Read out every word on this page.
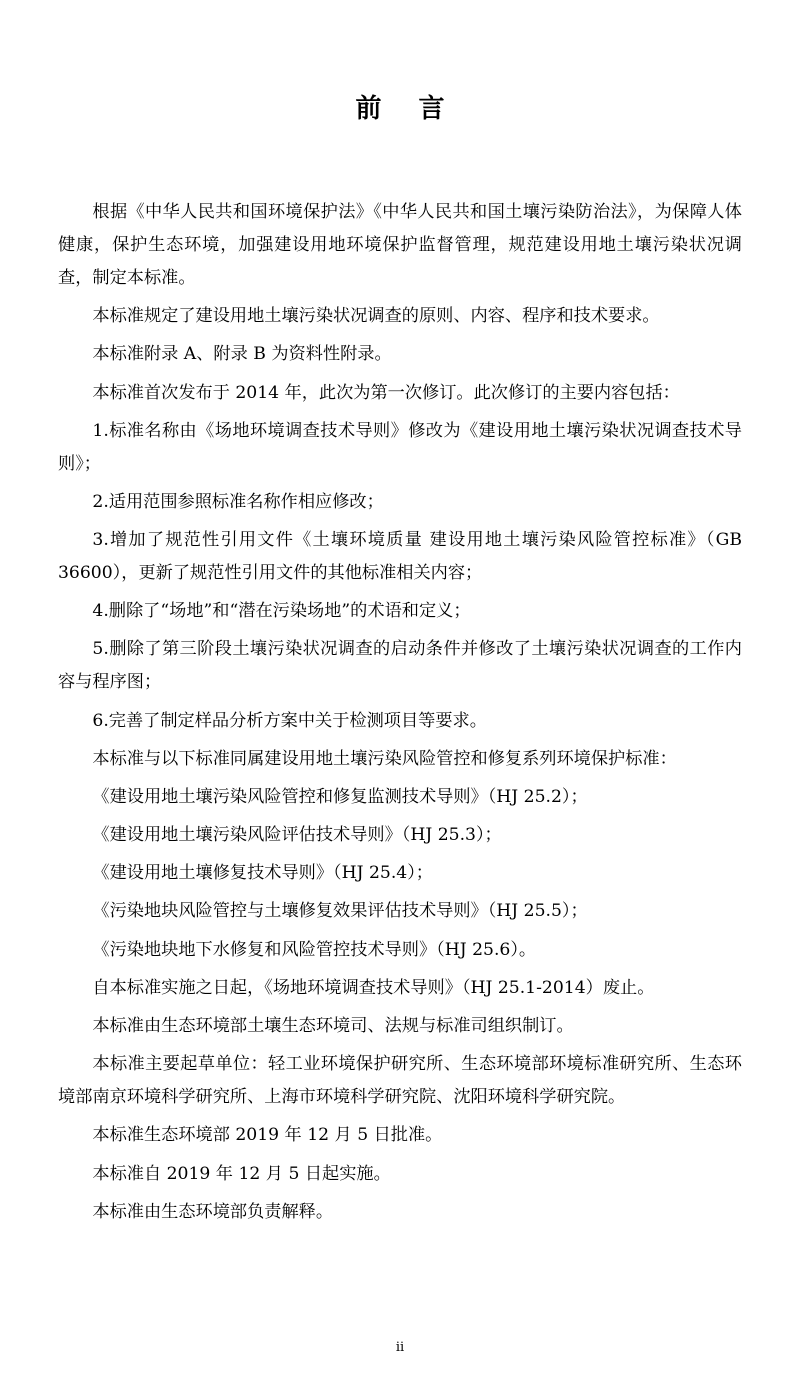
前 言

根据《中华人民共和国环境保护法》《中华人民共和国土壤污染防治法》，为保障人体健康，保护生态环境，加强建设用地环境保护监督管理，规范建设用地土壤污染状况调查，制定本标准。

本标准规定了建设用地土壤污染状况调查的原则、内容、程序和技术要求。

本标准附录 A、附录 B 为资料性附录。

本标准首次发布于 2014 年，此次为第一次修订。此次修订的主要内容包括：

1.标准名称由《场地环境调查技术导则》修改为《建设用地土壤污染状况调查技术导则》；

2.适用范围参照标准名称作相应修改；

3.增加了规范性引用文件《土壤环境质量 建设用地土壤污染风险管控标准》（GB 36600），更新了规范性引用文件的其他标准相关内容；

4.删除了“场地”和“潜在污染场地”的术语和定义；

5.删除了第三阶段土壤污染状况调查的启动条件并修改了土壤污染状况调查的工作内容与程序图；

6.完善了制定样品分析方案中关于检测项目等要求。

本标准与以下标准同属建设用地土壤污染风险管控和修复系列环境保护标准：

《建设用地土壤污染风险管控和修复监测技术导则》（HJ 25.2）；

《建设用地土壤污染风险评估技术导则》（HJ 25.3）；

《建设用地土壤修复技术导则》（HJ 25.4）；

《污染地块风险管控与土壤修复效果评估技术导则》（HJ 25.5）；

《污染地块地下水修复和风险管控技术导则》（HJ 25.6）。

自本标准实施之日起，《场地环境调查技术导则》（HJ 25.1-2014）废止。

本标准由生态环境部土壤生态环境司、法规与标准司组织制订。

本标准主要起草单位：轻工业环境保护研究所、生态环境部环境标准研究所、生态环境部南京环境科学研究所、上海市环境科学研究院、沈阳环境科学研究院。

本标准生态环境部 2019 年 12 月 5 日批准。

本标准自 2019 年 12 月 5 日起实施。

本标准由生态环境部负责解释。

ii
